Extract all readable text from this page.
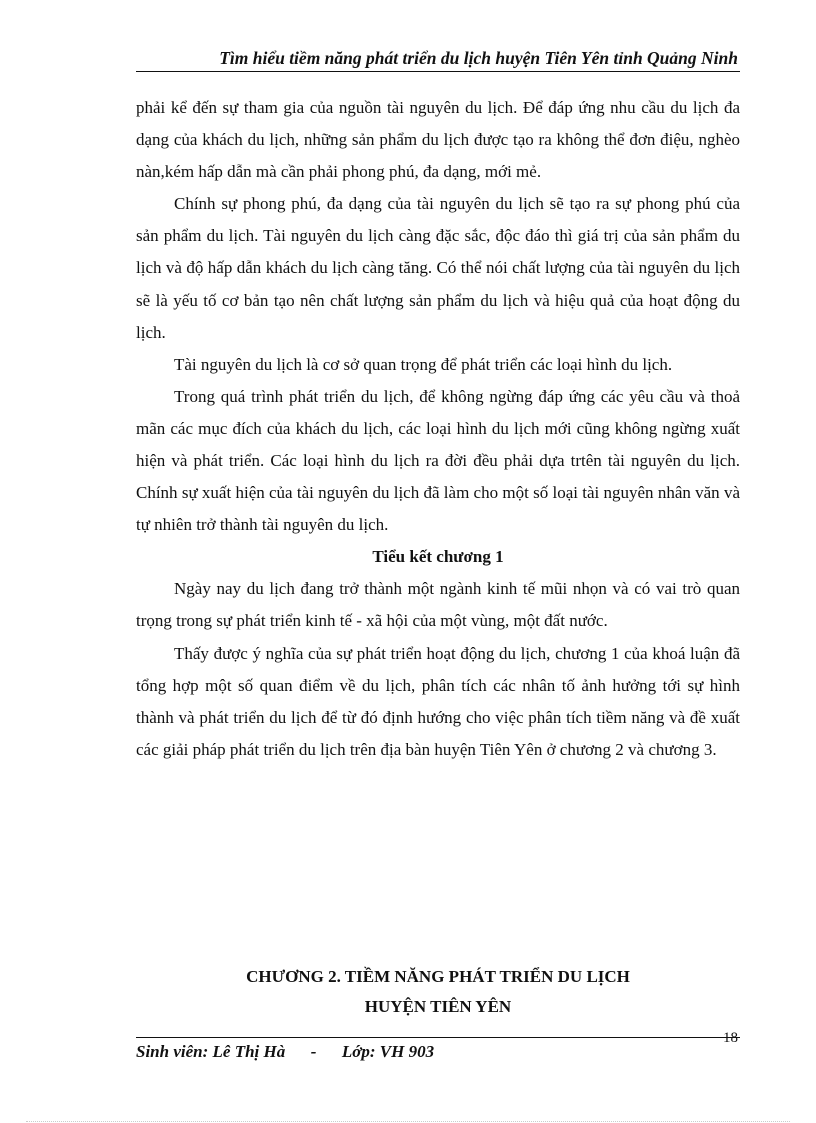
Tìm hiểu tiềm năng phát triển du lịch huyện Tiên Yên tỉnh Quảng Ninh

phải kể đến sự tham gia của nguồn tài nguyên du lịch. Để đáp ứng nhu cầu du lịch đa dạng của khách du lịch, những sản phẩm du lịch được tạo ra không thể đơn điệu, nghèo nàn,kém hấp dẫn mà cần phải phong phú, đa dạng, mới mẻ.

Chính sự phong phú, đa dạng của tài nguyên du lịch sẽ tạo ra sự phong phú của sản phẩm du lịch. Tài nguyên du lịch càng đặc sắc, độc đáo thì giá trị của sản phẩm du lịch và độ hấp dẫn khách du lịch càng tăng. Có thể nói chất lượng của tài nguyên du lịch sẽ là yếu tố cơ bản tạo nên chất lượng sản phẩm du lịch và hiệu quả của hoạt động du lịch.

Tài nguyên du lịch là cơ sở quan trọng để phát triển các loại hình du lịch.

Trong quá trình phát triển du lịch, để không ngừng đáp ứng các yêu cầu và thoả mãn các mục đích của khách du lịch, các loại hình du lịch mới cũng không ngừng xuất hiện và phát triển. Các loại hình du lịch ra đời đều phải dựa trtên tài nguyên du lịch. Chính sự xuất hiện của tài nguyên du lịch đã làm cho một số loại tài nguyên nhân văn và tự nhiên trở thành tài nguyên du lịch.

Tiểu kết chương 1

Ngày nay du lịch đang trở thành một ngành kinh tế mũi nhọn và có vai trò quan trọng trong sự phát triển kinh tế - xã hội của một vùng, một đất nước.

Thấy được ý nghĩa của sự phát triển hoạt động du lịch, chương 1 của khoá luận đã tổng hợp một số quan điểm về du lịch, phân tích các nhân tố ảnh hưởng tới sự hình thành và phát triển du lịch để từ đó định hướng cho việc phân tích tiềm năng và đề xuất các giải pháp phát triển du lịch trên địa bàn huyện Tiên Yên ở chương 2 và chương 3.

CHƯƠNG 2. TIỀM NĂNG PHÁT TRIỂN DU LỊCH
HUYỆN TIÊN YÊN
Sinh viên: Lê Thị Hà      -      Lớp: VH 903
18
